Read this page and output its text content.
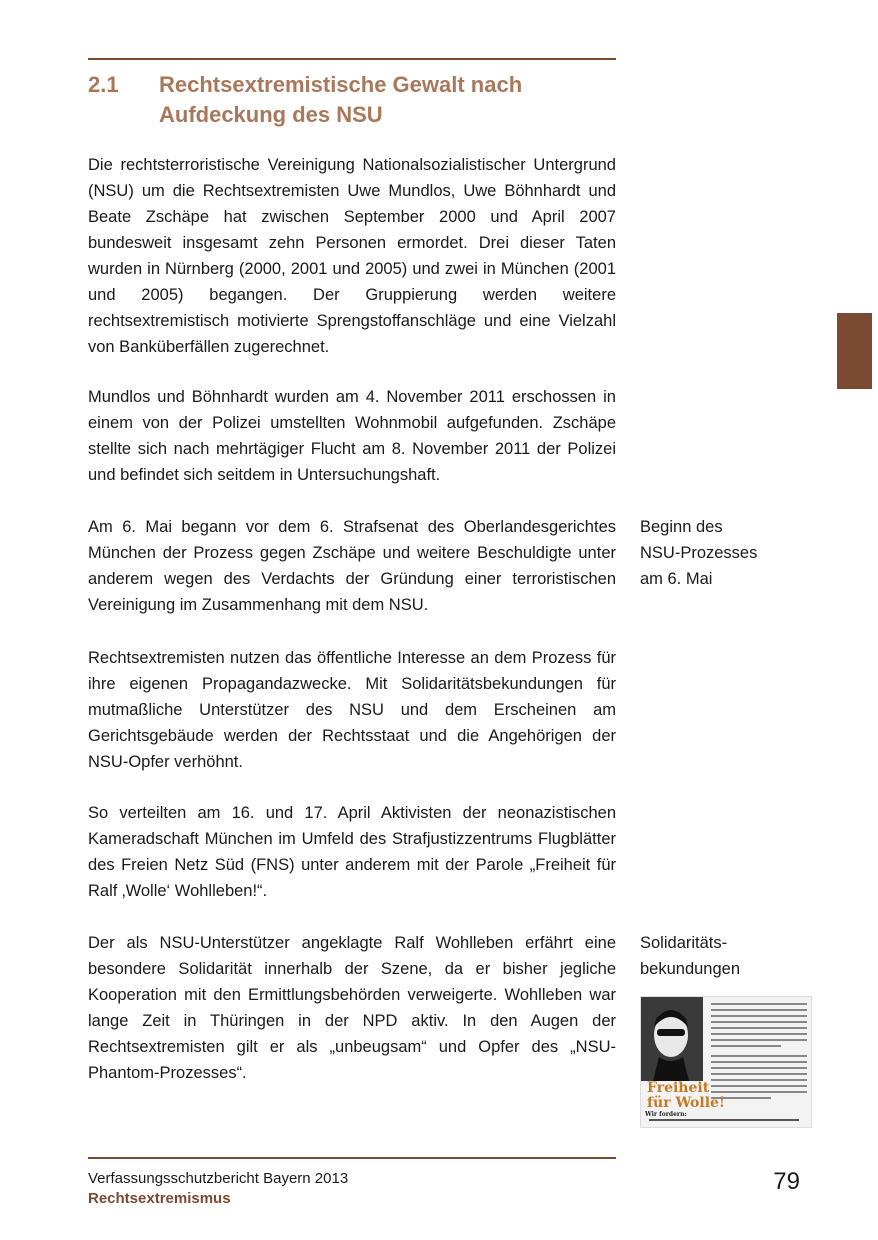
2.1 Rechtsextremistische Gewalt nach Aufdeckung des NSU

Die rechtsterroristische Vereinigung Nationalsozialistischer Untergrund (NSU) um die Rechtsextremisten Uwe Mundlos, Uwe Böhnhardt und Beate Zschäpe hat zwischen September 2000 und April 2007 bundesweit insgesamt zehn Personen ermordet. Drei dieser Taten wurden in Nürnberg (2000, 2001 und 2005) und zwei in München (2001 und 2005) begangen. Der Gruppierung werden weitere rechtsextremistisch motivierte Sprengstoffanschläge und eine Vielzahl von Banküberfällen zugerechnet.

Mundlos und Böhnhardt wurden am 4. November 2011 erschossen in einem von der Polizei umstellten Wohnmobil aufgefunden. Zschäpe stellte sich nach mehrtägiger Flucht am 8. November 2011 der Polizei und befindet sich seitdem in Untersuchungshaft.

Am 6. Mai begann vor dem 6. Strafsenat des Oberlandesgerichtes München der Prozess gegen Zschäpe und weitere Beschuldigte unter anderem wegen des Verdachts der Gründung einer terroristischen Vereinigung im Zusammenhang mit dem NSU.

Rechtsextremisten nutzen das öffentliche Interesse an dem Prozess für ihre eigenen Propagandazwecke. Mit Solidaritätsbekundungen für mutmaßliche Unterstützer des NSU und dem Erscheinen am Gerichtsgebäude werden der Rechtsstaat und die Angehörigen der NSU-Opfer verhöhnt.

So verteilten am 16. und 17. April Aktivisten der neonazistischen Kameradschaft München im Umfeld des Strafjustizzentrums Flugblätter des Freien Netz Süd (FNS) unter anderem mit der Parole „Freiheit für Ralf ‚Wolle‘ Wohlleben!“.

Der als NSU-Unterstützer angeklagte Ralf Wohlleben erfährt eine besondere Solidarität innerhalb der Szene, da er bisher jegliche Kooperation mit den Ermittlungsbehörden verweigerte. Wohlleben war lange Zeit in Thüringen in der NPD aktiv. In den Augen der Rechtsextremisten gilt er als „unbeugsam“ und Opfer des „NSU-Phantom-Prozesses“.

Beginn des
NSU-Prozesses
am 6. Mai
Solidaritäts-
bekundungen
Freiheit
für Wolle!
Wir fordern:
Verfassungsschutzbericht Bayern 2013
Rechtsextremismus
79
